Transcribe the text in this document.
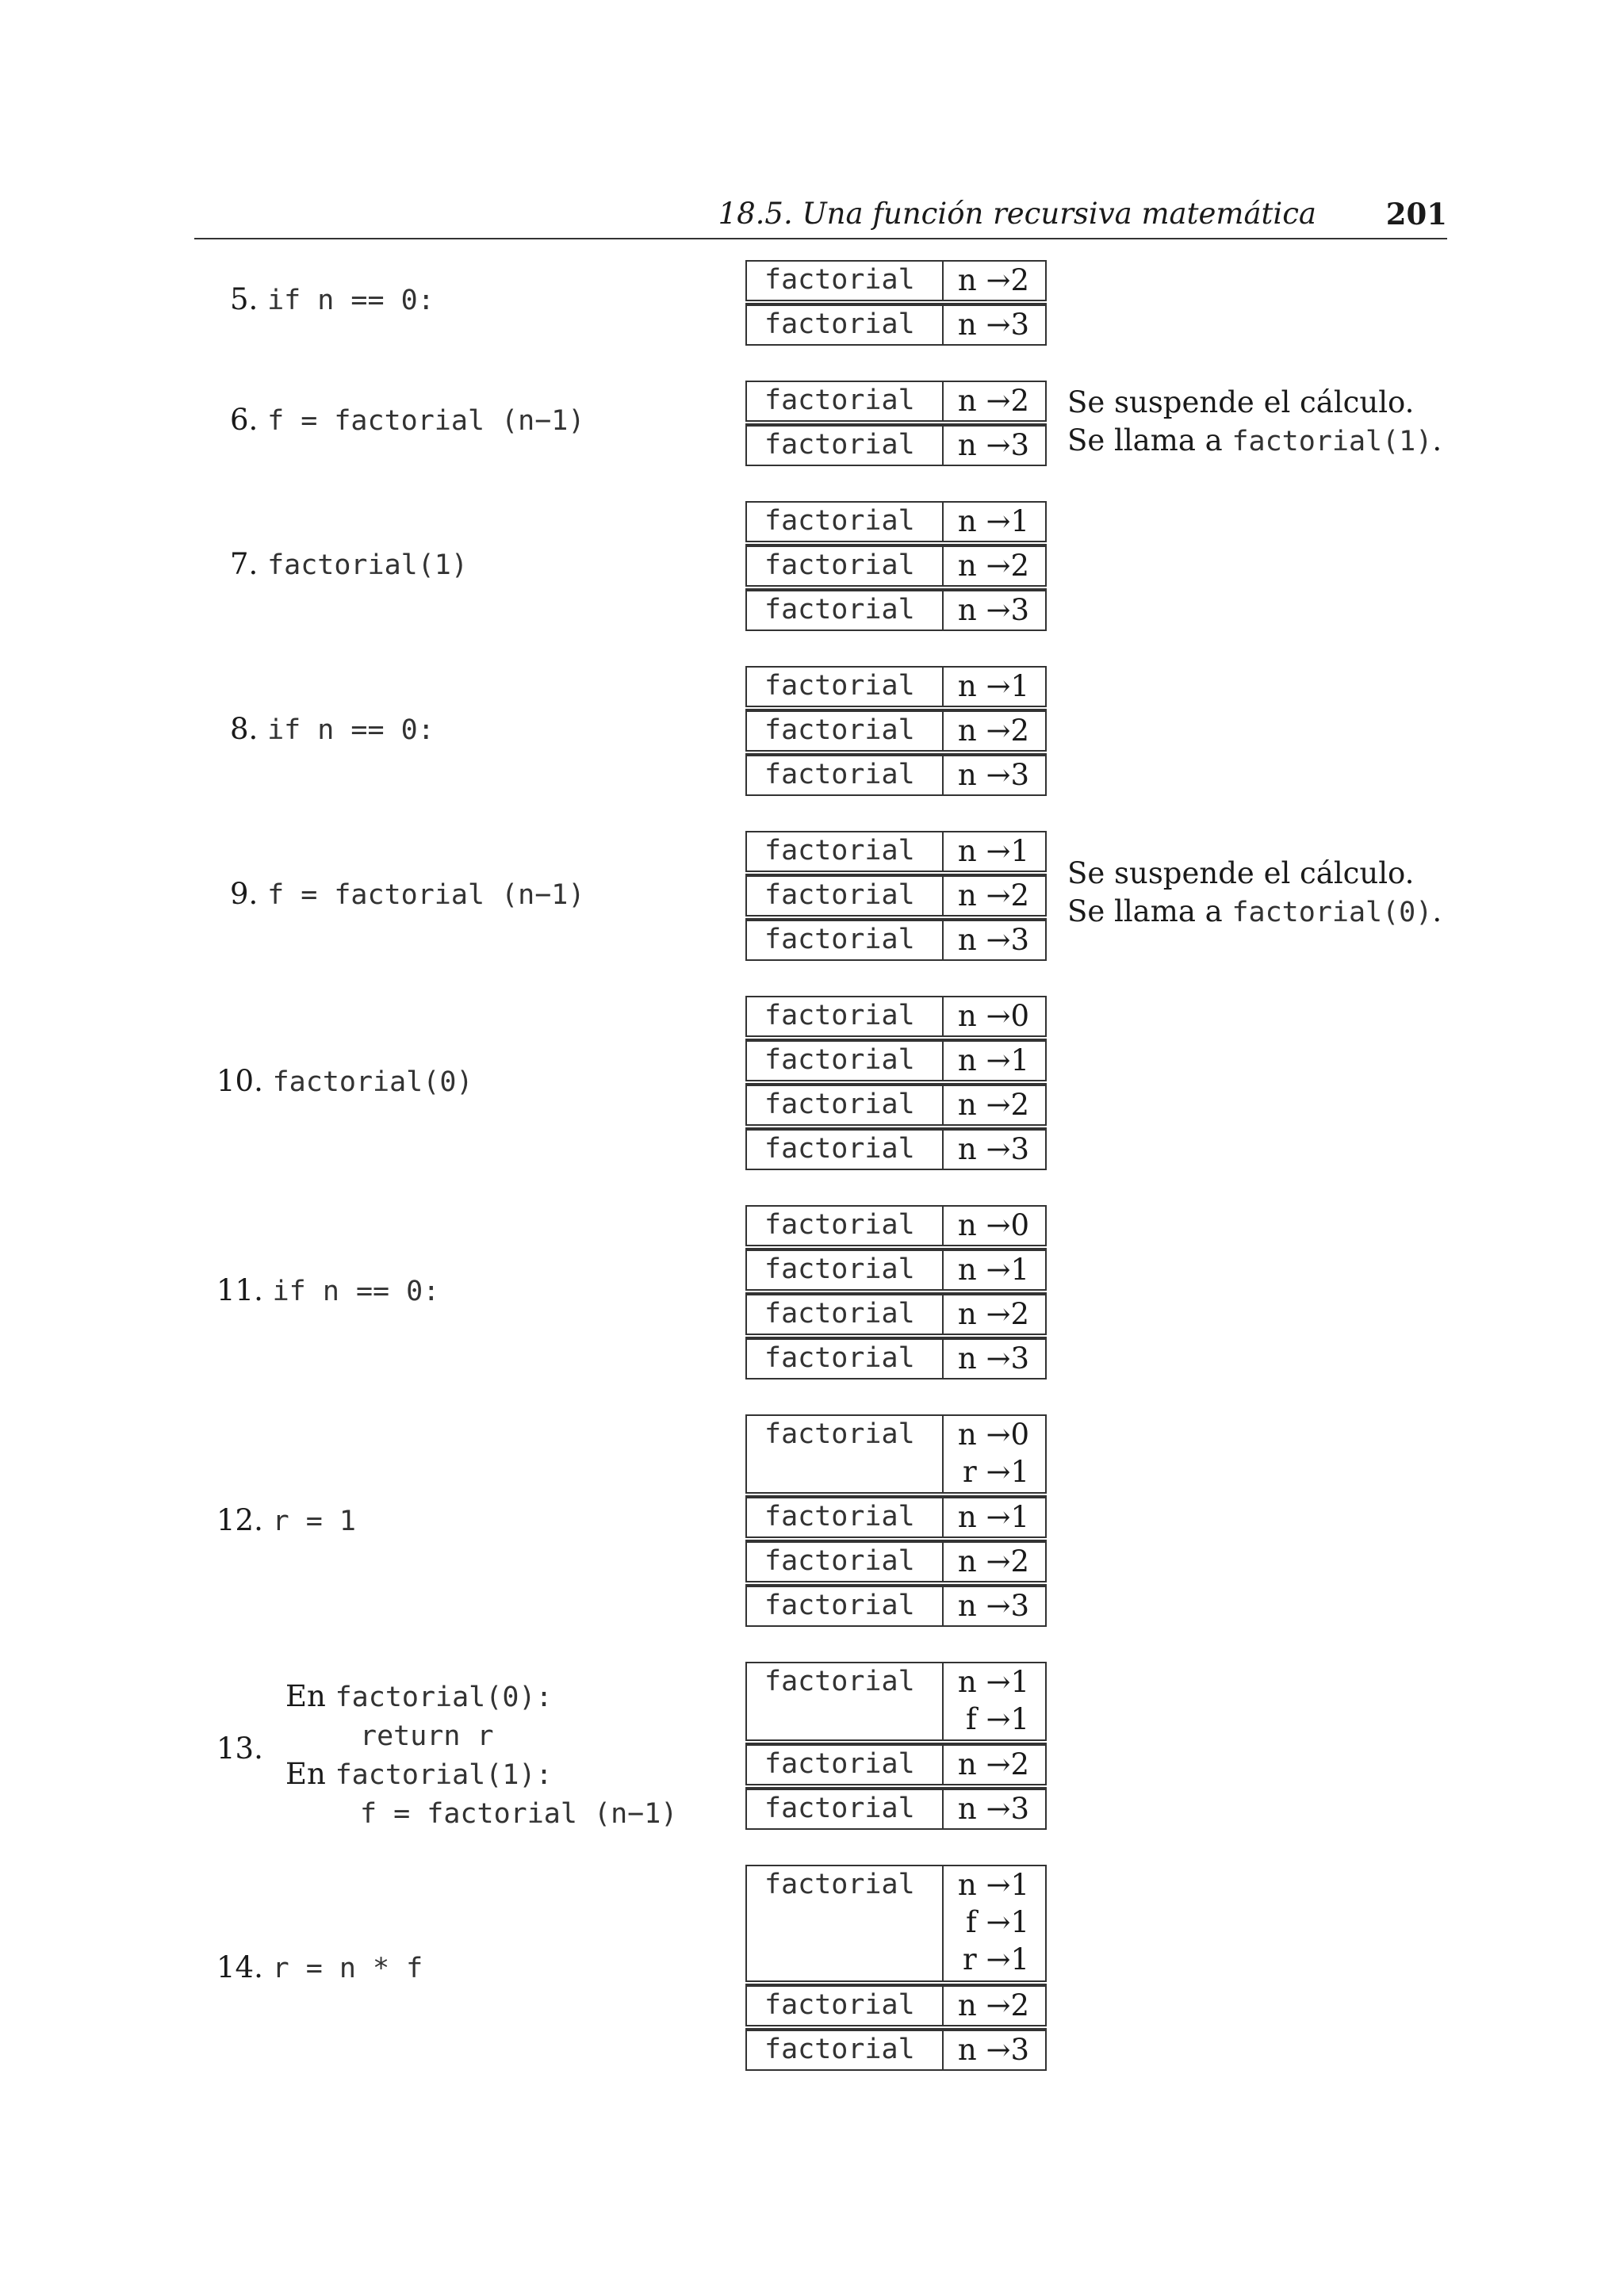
18.5. Una función recursiva matemática 201
5. if n == 0:
factorial	n →2
factorial	n →3
6. f = factorial (n−1)
factorial	n →2
factorial	n →3
Se suspende el cálculo.
Se llama a factorial(1).
7. factorial(1)
factorial	n →1
factorial	n →2
factorial	n →3
8. if n == 0:
factorial	n →1
factorial	n →2
factorial	n →3
9. f = factorial (n−1)
factorial	n →1
factorial	n →2
factorial	n →3
Se suspende el cálculo.
Se llama a factorial(0).
10. factorial(0)
factorial	n →0
factorial	n →1
factorial	n →2
factorial	n →3
11. if n == 0:
factorial	n →0
factorial	n →1
factorial	n →2
factorial	n →3
12. r = 1
factorial	n →0
r →1
factorial	n →1
factorial	n →2
factorial	n →3
13.
En factorial(0):
return r
En factorial(1):
f = factorial (n−1)
factorial	n →1
f →1
factorial	n →2
factorial	n →3
14. r = n * f
factorial	n →1
f →1
r →1
factorial	n →2
factorial	n →3
